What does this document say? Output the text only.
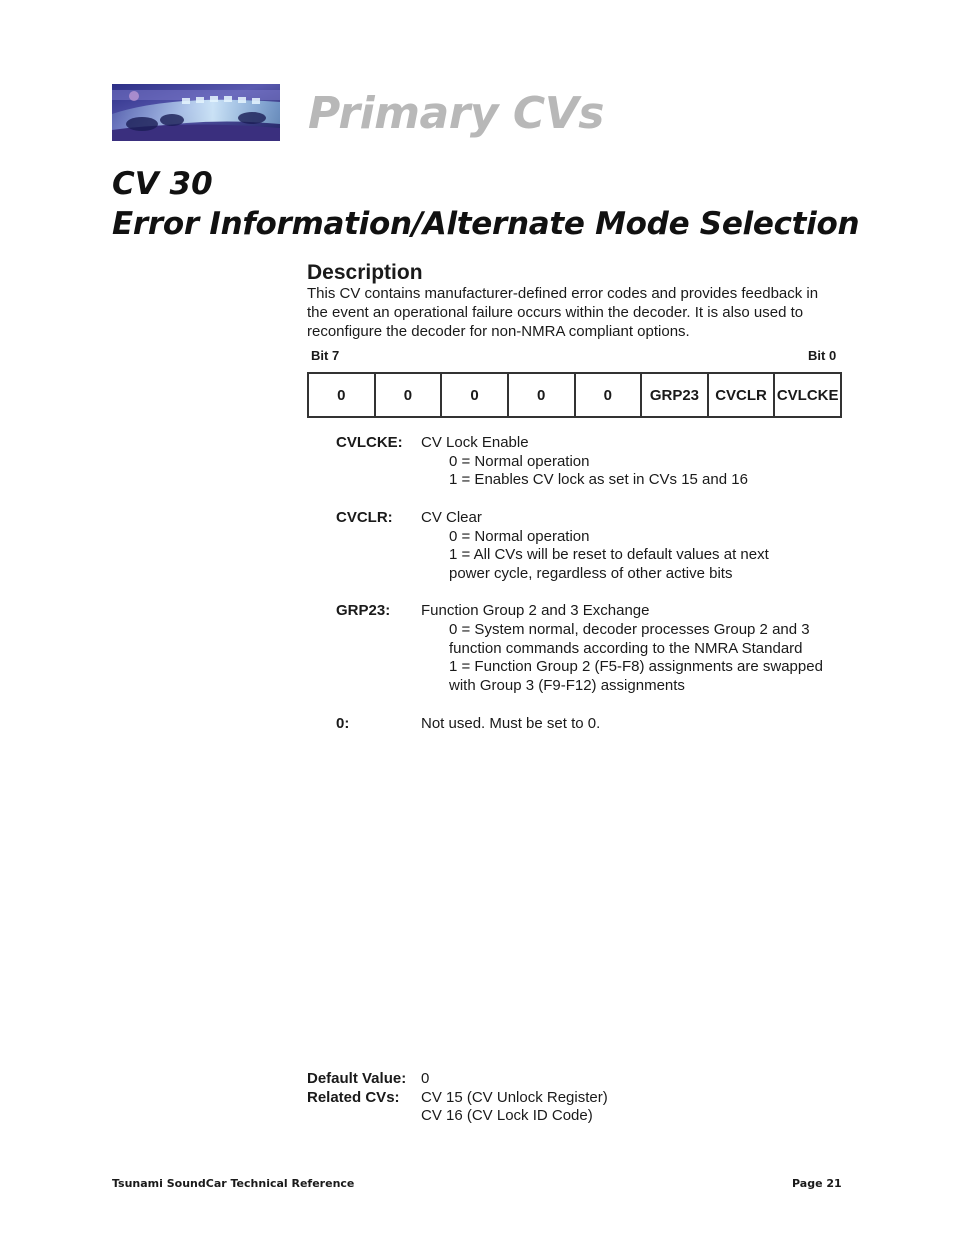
Primary CVs
CV 30
Error Information/Alternate Mode Selection
Description
This CV contains manufacturer-defined error codes and provides feedback in
the event an operational failure occurs within the decoder. It is also used to
reconfigure the decoder for non-NMRA compliant options.
Bit 7	Bit 0
0	0	0	0	0	GRP23	CVCLR	CVLCKE
CVLCKE: CV Lock Enable
0 = Normal operation
1 = Enables CV lock as set in CVs 15 and 16
CVCLR: CV Clear
0 = Normal operation
1 = All CVs will be reset to default values at next
power cycle, regardless of other active bits
GRP23: Function Group 2 and 3 Exchange
0 = System normal, decoder processes Group 2 and 3
function commands according to the NMRA Standard
1 = Function Group 2 (F5-F8) assignments are swapped
with Group 3 (F9-F12) assignments
0:	Not used. Must be set to 0.
Default Value: 0
Related CVs: CV 15 (CV Unlock Register)
CV 16 (CV Lock ID Code)
Tsunami SoundCar Technical Reference	Page 21
